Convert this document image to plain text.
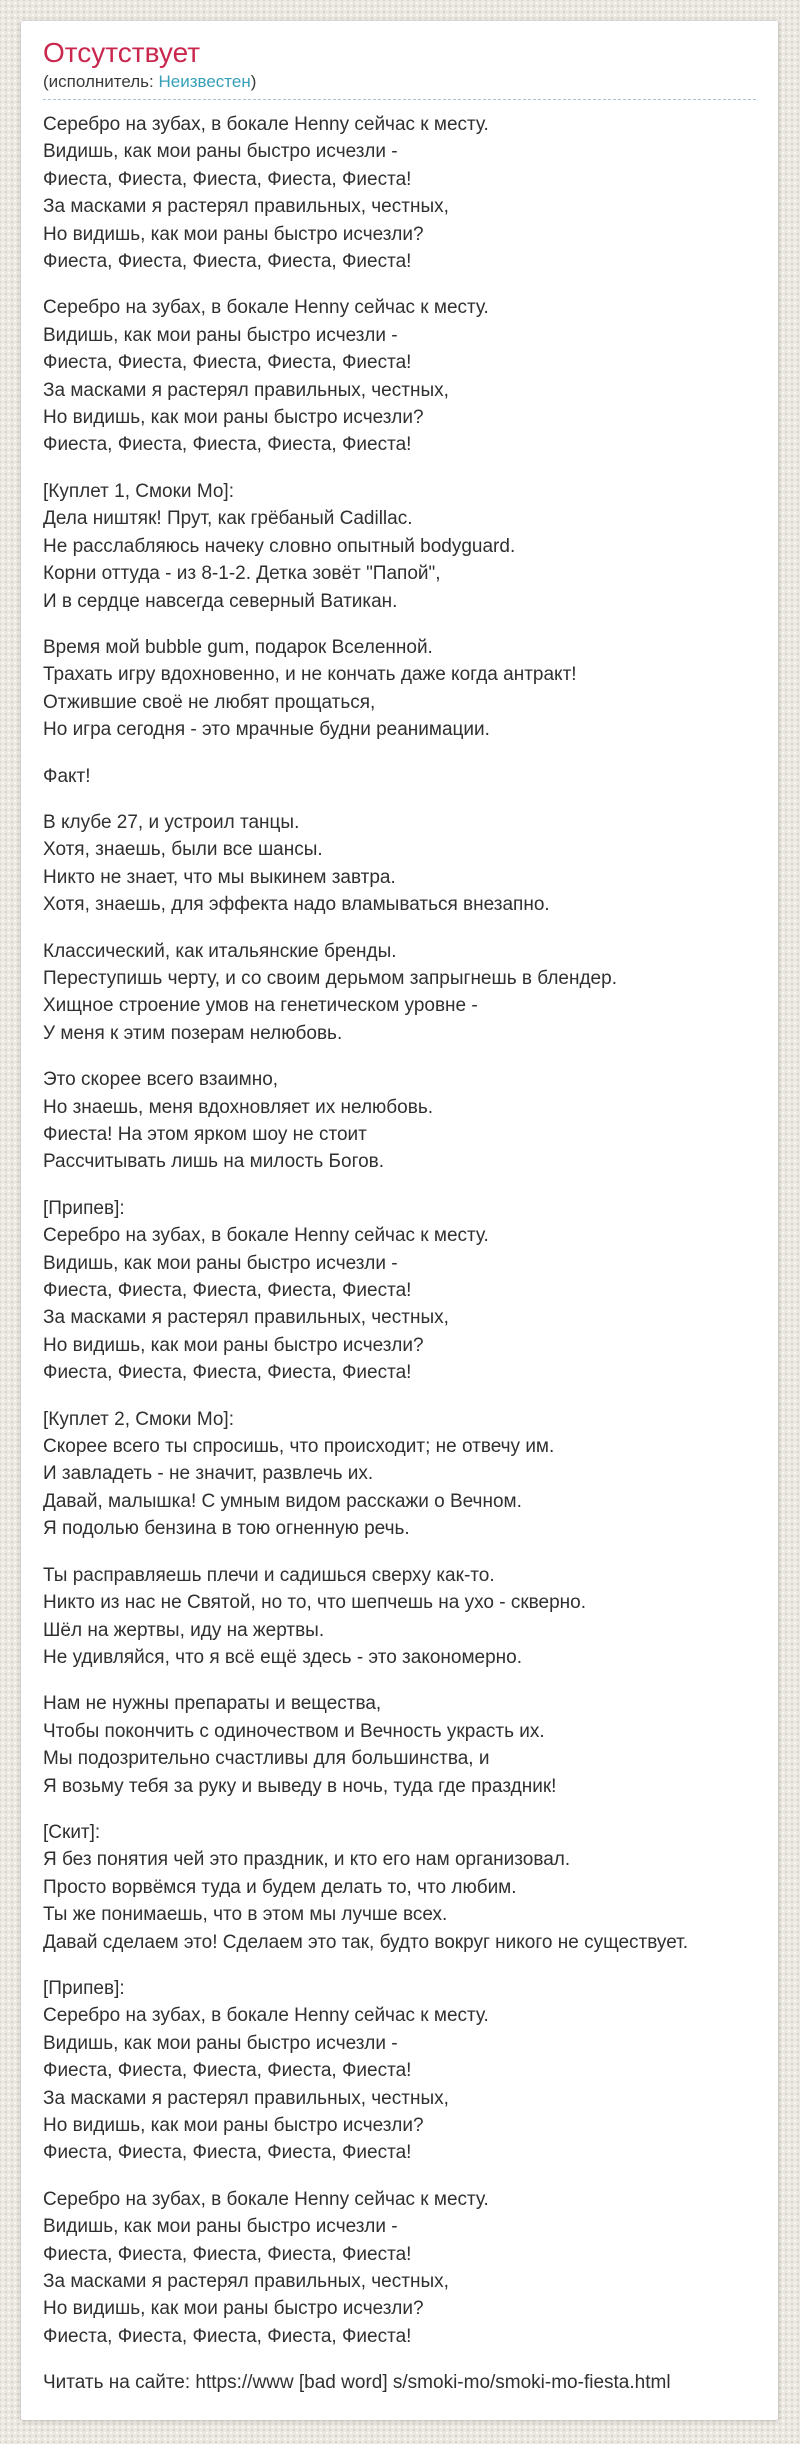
Отсутствует
(исполнитель: Неизвестен)

Серебро на зубах, в бокале Henny сейчас к месту.
Видишь, как мои раны быстро исчезли -
Фиеста, Фиеста, Фиеста, Фиеста, Фиеста!
За масками я растерял правильных, честных,
Но видишь, как мои раны быстро исчезли?
Фиеста, Фиеста, Фиеста, Фиеста, Фиеста!

Серебро на зубах, в бокале Henny сейчас к месту.
Видишь, как мои раны быстро исчезли -
Фиеста, Фиеста, Фиеста, Фиеста, Фиеста!
За масками я растерял правильных, честных,
Но видишь, как мои раны быстро исчезли?
Фиеста, Фиеста, Фиеста, Фиеста, Фиеста!

[Куплет 1, Смоки Мо]:
Дела ништяк! Прут, как грёбаный Cadillac.
Не расслабляюсь начеку словно опытный bodyguard.
Корни оттуда - из 8-1-2. Детка зовёт "Папой",
И в сердце навсегда северный Ватикан.

Время мой bubble gum, подарок Вселенной.
Трахать игру вдохновенно, и не кончать даже когда антракт!
Отжившие своё не любят прощаться,
Но игра сегодня - это мрачные будни реанимации.

Факт!

В клубе 27, и устроил танцы.
Хотя, знаешь, были все шансы.
Никто не знает, что мы выкинем завтра.
Хотя, знаешь, для эффекта надо вламываться внезапно.

Классический, как итальянские бренды.
Переступишь черту, и со своим дерьмом запрыгнешь в блендер.
Хищное строение умов на генетическом уровне -
У меня к этим позерам нелюбовь.

Это скорее всего взаимно,
Но знаешь, меня вдохновляет их нелюбовь.
Фиеста! На этом ярком шоу не стоит
Рассчитывать лишь на милость Богов.

[Припев]:
Серебро на зубах, в бокале Henny сейчас к месту.
Видишь, как мои раны быстро исчезли -
Фиеста, Фиеста, Фиеста, Фиеста, Фиеста!
За масками я растерял правильных, честных,
Но видишь, как мои раны быстро исчезли?
Фиеста, Фиеста, Фиеста, Фиеста, Фиеста!

[Куплет 2, Смоки Мо]:
Скорее всего ты спросишь, что происходит; не отвечу им.
И завладеть - не значит, развлечь их.
Давай, малышка! С умным видом расскажи о Вечном.
Я подолью бензина в тою огненную речь.

Ты расправляешь плечи и садишься сверху как-то.
Никто из нас не Святой, но то, что шепчешь на ухо - скверно.
Шёл на жертвы, иду на жертвы.
Не удивляйся, что я всё ещё здесь - это закономерно.

Нам не нужны препараты и вещества,
Чтобы покончить с одиночеством и Вечность украсть их.
Мы подозрительно счастливы для большинства, и
Я возьму тебя за руку и выведу в ночь, туда где праздник!

[Скит]:
Я без понятия чей это праздник, и кто его нам организовал.
Просто ворвёмся туда и будем делать то, что любим.
Ты же понимаешь, что в этом мы лучше всех.
Давай сделаем это! Сделаем это так, будто вокруг никого не существует.

[Припев]:
Серебро на зубах, в бокале Henny сейчас к месту.
Видишь, как мои раны быстро исчезли -
Фиеста, Фиеста, Фиеста, Фиеста, Фиеста!
За масками я растерял правильных, честных,
Но видишь, как мои раны быстро исчезли?
Фиеста, Фиеста, Фиеста, Фиеста, Фиеста!

Серебро на зубах, в бокале Henny сейчас к месту.
Видишь, как мои раны быстро исчезли -
Фиеста, Фиеста, Фиеста, Фиеста, Фиеста!
За масками я растерял правильных, честных,
Но видишь, как мои раны быстро исчезли?
Фиеста, Фиеста, Фиеста, Фиеста, Фиеста!

Читать на сайте: https://www [bad word] s/smoki-mo/smoki-mo-fiesta.html
